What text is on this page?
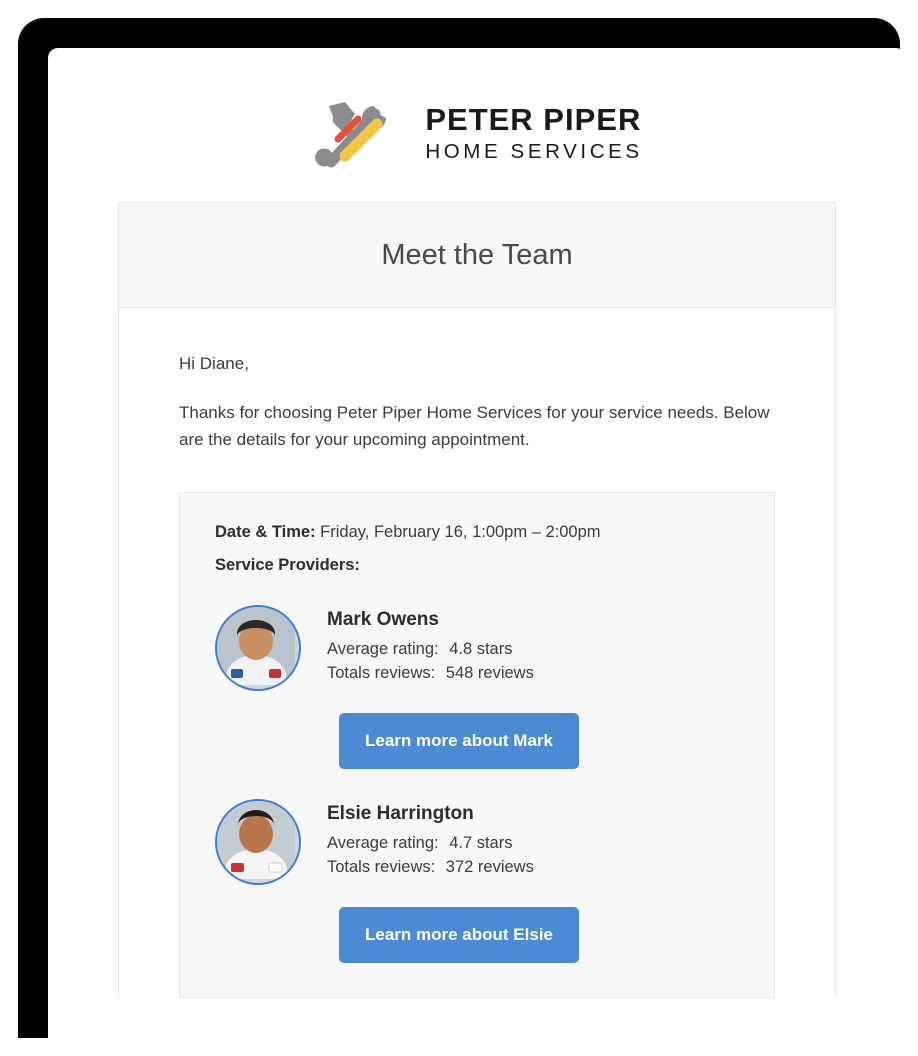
PETER PIPER
HOME SERVICES
Meet the Team

Hi Diane,

Thanks for choosing Peter Piper Home Services for your service needs. Below are the details for your upcoming appointment.

Date & Time: Friday, February 16, 1:00pm – 2:00pm
Service Providers:
Mark Owens
Average rating: 4.8 stars
Totals reviews: 548 reviews
Learn more about Mark
Elsie Harrington
Average rating: 4.7 stars
Totals reviews: 372 reviews
Learn more about Elsie
